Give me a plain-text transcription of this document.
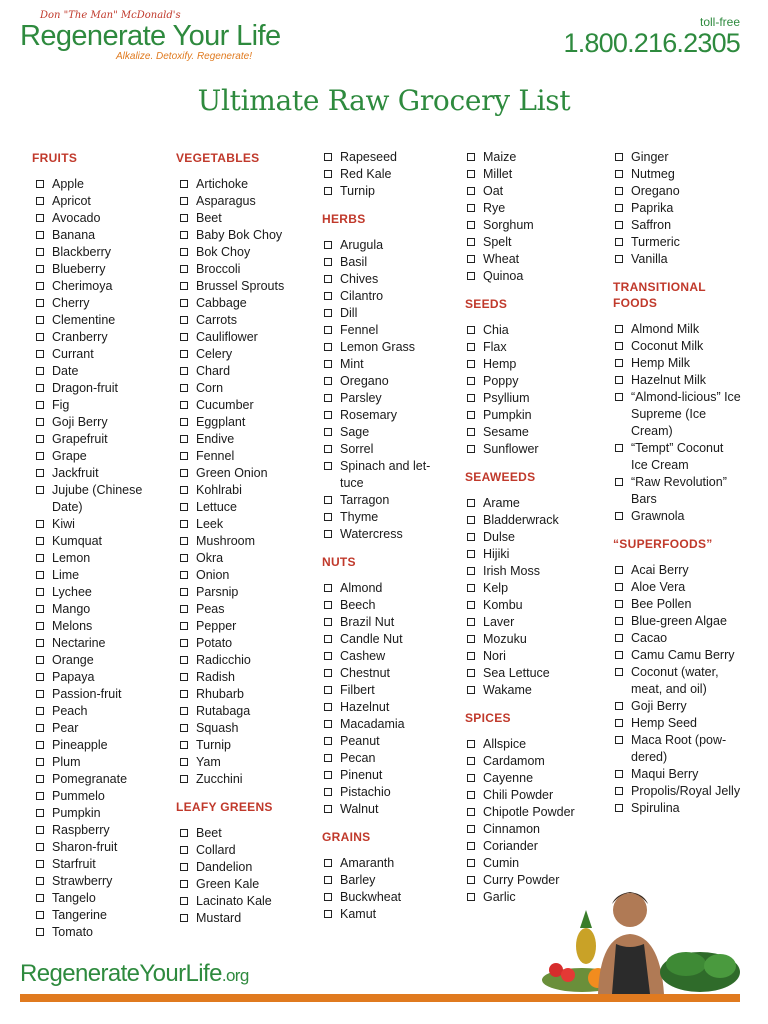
Don "The Man" McDonald's
Regenerate Your Life
Alkalize. Detoxify. Regenerate!
toll-free
1.800.216.2305
Ultimate Raw Grocery List
FRUITS
Apple
Apricot
Avocado
Banana
Blackberry
Blueberry
Cherimoya
Cherry
Clementine
Cranberry
Currant
Date
Dragon-fruit
Fig
Goji Berry
Grapefruit
Grape
Jackfruit
Jujube (Chinese Date)
Kiwi
Kumquat
Lemon
Lime
Lychee
Mango
Melons
Nectarine
Orange
Papaya
Passion-fruit
Peach
Pear
Pineapple
Plum
Pomegranate
Pummelo
Pumpkin
Raspberry
Sharon-fruit
Starfruit
Strawberry
Tangelo
Tangerine
Tomato
VEGETABLES
Artichoke
Asparagus
Beet
Baby Bok Choy
Bok Choy
Broccoli
Brussel Sprouts
Cabbage
Carrots
Cauliflower
Celery
Chard
Corn
Cucumber
Eggplant
Endive
Fennel
Green Onion
Kohlrabi
Lettuce
Leek
Mushroom
Okra
Onion
Parsnip
Peas
Pepper
Potato
Radicchio
Radish
Rhubarb
Rutabaga
Squash
Turnip
Yam
Zucchini
LEAFY GREENS
Beet
Collard
Dandelion
Green Kale
Lacinato Kale
Mustard
Rapeseed
Red Kale
Turnip
HERBS
Arugula
Basil
Chives
Cilantro
Dill
Fennel
Lemon Grass
Mint
Oregano
Parsley
Rosemary
Sage
Sorrel
Spinach and let-tuce
Tarragon
Thyme
Watercress
NUTS
Almond
Beech
Brazil Nut
Candle Nut
Cashew
Chestnut
Filbert
Hazelnut
Macadamia
Peanut
Pecan
Pinenut
Pistachio
Walnut
GRAINS
Amaranth
Barley
Buckwheat
Kamut
Maize
Millet
Oat
Rye
Sorghum
Spelt
Wheat
Quinoa
SEEDS
Chia
Flax
Hemp
Poppy
Psyllium
Pumpkin
Sesame
Sunflower
SEAWEEDS
Arame
Bladderwrack
Dulse
Hijiki
Irish Moss
Kelp
Kombu
Laver
Mozuku
Nori
Sea Lettuce
Wakame
SPICES
Allspice
Cardamom
Cayenne
Chili Powder
Chipotle Powder
Cinnamon
Coriander
Cumin
Curry Powder
Garlic
Ginger
Nutmeg
Oregano
Paprika
Saffron
Turmeric
Vanilla
TRANSITIONAL FOODS
Almond Milk
Coconut Milk
Hemp Milk
Hazelnut Milk
“Almond-licious” Ice Supreme (Ice Cream)
“Tempt” Coconut Ice Cream
“Raw Revolution” Bars
Grawnola
“SUPERFOODS”
Acai Berry
Aloe Vera
Bee Pollen
Blue-green Algae
Cacao
Camu Camu Berry
Coconut (water, meat, and oil)
Goji Berry
Hemp Seed
Maca Root (pow-dered)
Maqui Berry
Propolis/Royal Jelly
Spirulina
RegenerateYourLife.org
